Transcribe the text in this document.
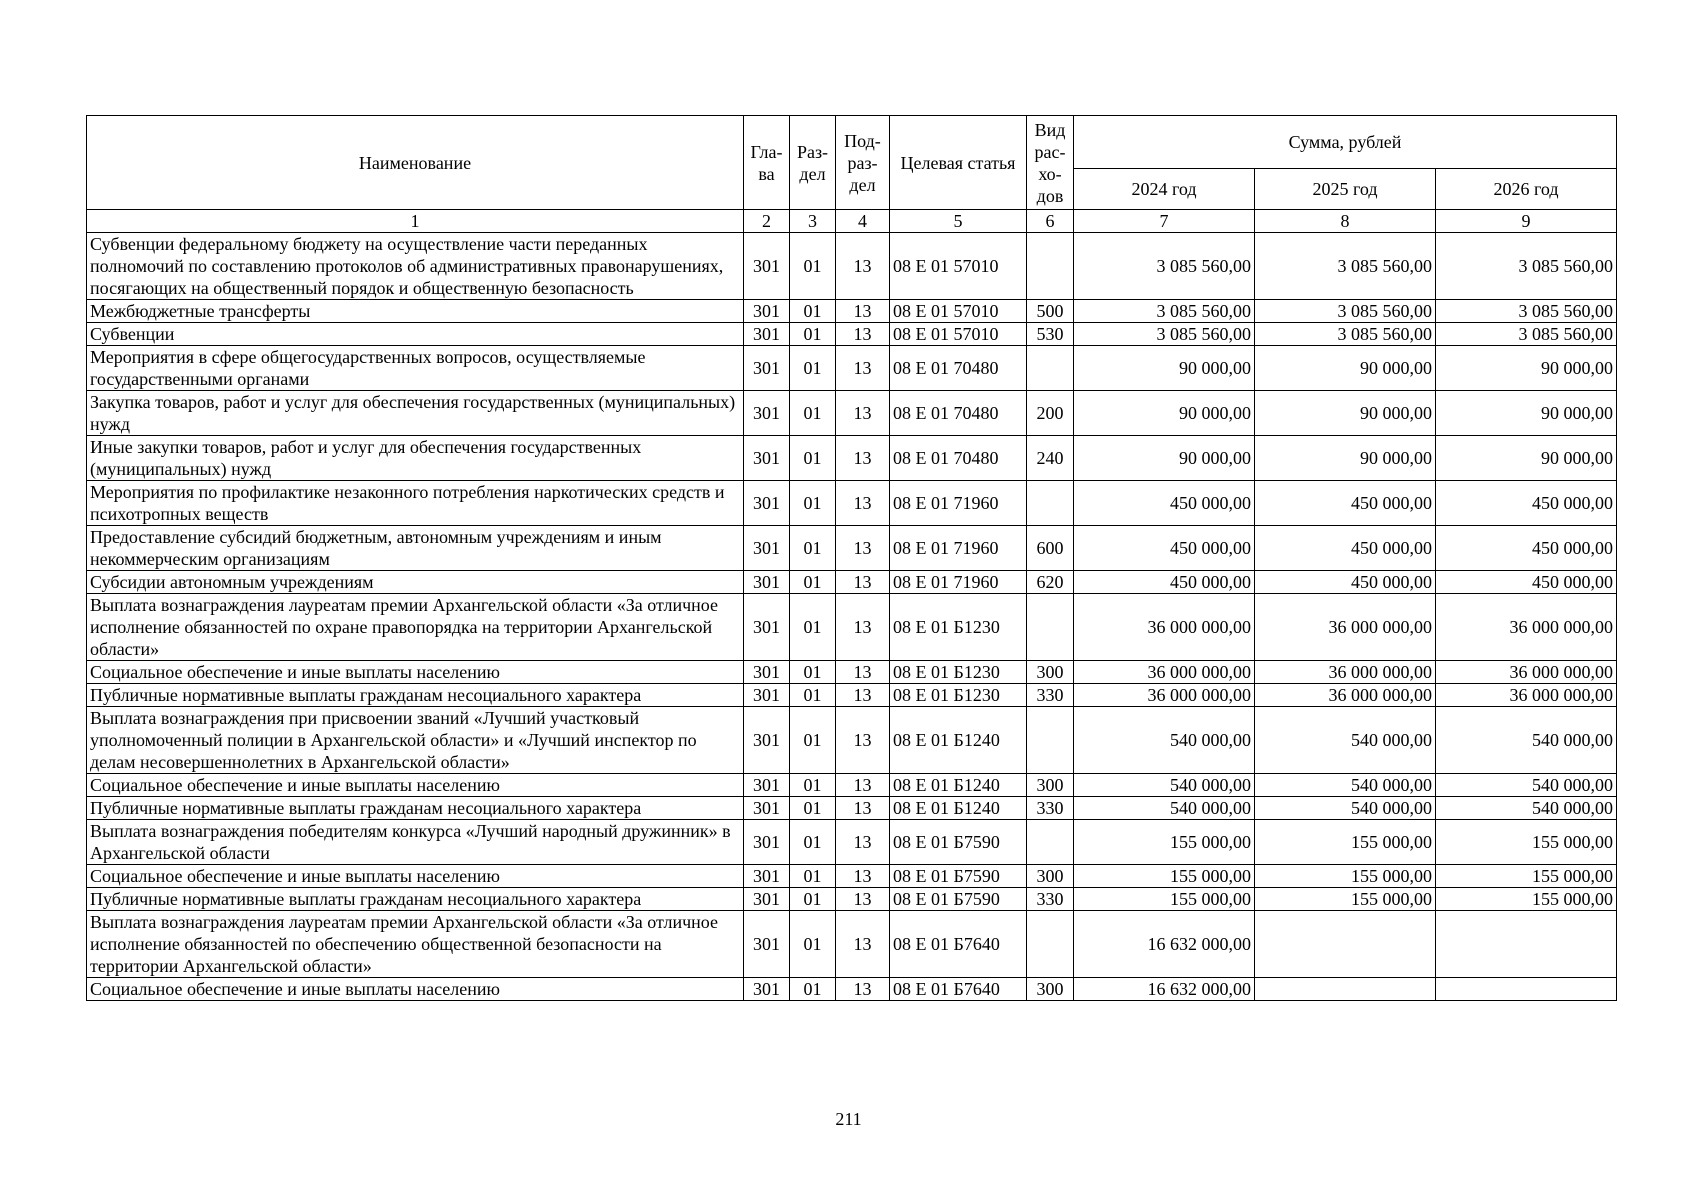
Наименование	Гла-ва	Раз-дел	Под-раз-дел	Целевая статья	Вид рас-хо-дов	Сумма, рублей		
						2024 год	2025 год	2026 год
1	2	3	4	5	6	7	8	9
Субвенции федеральному бюджету на осуществление части переданных полномочий по составлению протоколов об административных правонарушениях, посягающих на общественный порядок и общественную безопасность	301	01	13	08 Е 01 57010		3 085 560,00	3 085 560,00	3 085 560,00
Межбюджетные трансферты	301	01	13	08 Е 01 57010	500	3 085 560,00	3 085 560,00	3 085 560,00
Субвенции	301	01	13	08 Е 01 57010	530	3 085 560,00	3 085 560,00	3 085 560,00
Мероприятия в сфере общегосударственных вопросов, осуществляемые государственными органами	301	01	13	08 Е 01 70480		90 000,00	90 000,00	90 000,00
Закупка товаров, работ и услуг для обеспечения государственных (муниципальных) нужд	301	01	13	08 Е 01 70480	200	90 000,00	90 000,00	90 000,00
Иные закупки товаров, работ и услуг для обеспечения государственных (муниципальных) нужд	301	01	13	08 Е 01 70480	240	90 000,00	90 000,00	90 000,00
Мероприятия по профилактике незаконного потребления наркотических средств и психотропных веществ	301	01	13	08 Е 01 71960		450 000,00	450 000,00	450 000,00
Предоставление субсидий бюджетным, автономным учреждениям и иным некоммерческим организациям	301	01	13	08 Е 01 71960	600	450 000,00	450 000,00	450 000,00
Субсидии автономным учреждениям	301	01	13	08 Е 01 71960	620	450 000,00	450 000,00	450 000,00
Выплата вознаграждения лауреатам премии Архангельской области «За отличное исполнение обязанностей по охране правопорядка на территории Архангельской области»	301	01	13	08 Е 01 Б1230		36 000 000,00	36 000 000,00	36 000 000,00
Социальное обеспечение и иные выплаты населению	301	01	13	08 Е 01 Б1230	300	36 000 000,00	36 000 000,00	36 000 000,00
Публичные нормативные выплаты гражданам несоциального характера	301	01	13	08 Е 01 Б1230	330	36 000 000,00	36 000 000,00	36 000 000,00
Выплата вознаграждения при присвоении званий «Лучший участковый уполномоченный полиции в Архангельской области» и «Лучший инспектор по делам несовершеннолетних в Архангельской области»	301	01	13	08 Е 01 Б1240		540 000,00	540 000,00	540 000,00
Социальное обеспечение и иные выплаты населению	301	01	13	08 Е 01 Б1240	300	540 000,00	540 000,00	540 000,00
Публичные нормативные выплаты гражданам несоциального характера	301	01	13	08 Е 01 Б1240	330	540 000,00	540 000,00	540 000,00
Выплата вознаграждения победителям конкурса «Лучший народный дружинник» в Архангельской области	301	01	13	08 Е 01 Б7590		155 000,00	155 000,00	155 000,00
Социальное обеспечение и иные выплаты населению	301	01	13	08 Е 01 Б7590	300	155 000,00	155 000,00	155 000,00
Публичные нормативные выплаты гражданам несоциального характера	301	01	13	08 Е 01 Б7590	330	155 000,00	155 000,00	155 000,00
Выплата вознаграждения лауреатам премии Архангельской области «За отличное исполнение обязанностей по обеспечению общественной безопасности на территории Архангельской области»	301	01	13	08 Е 01 Б7640		16 632 000,00		
Социальное обеспечение и иные выплаты населению	301	01	13	08 Е 01 Б7640	300	16 632 000,00		
211
